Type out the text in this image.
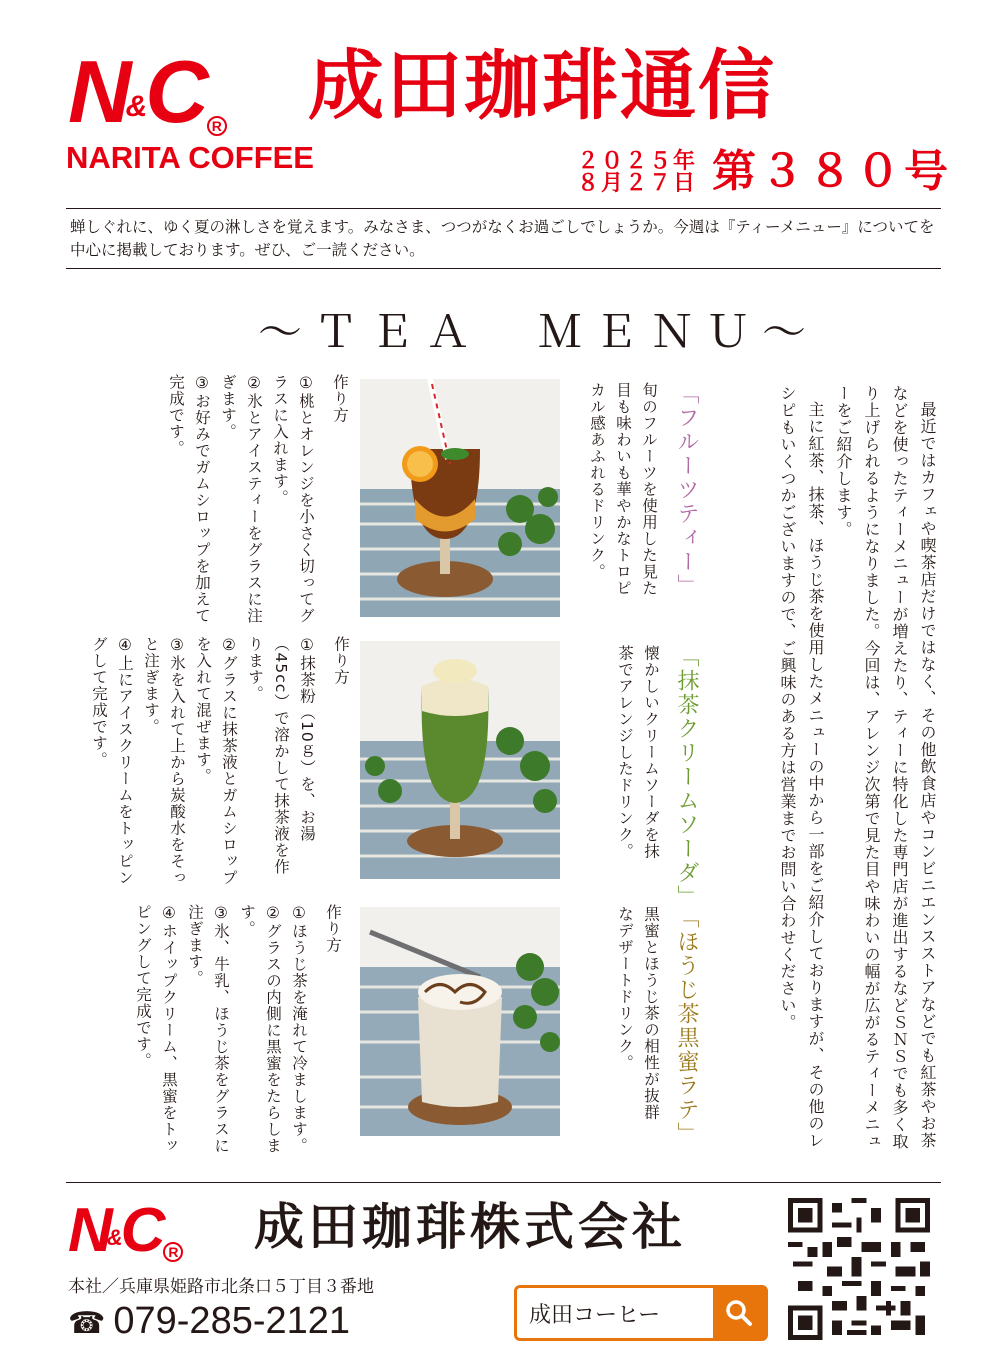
N&C R
NARITA COFFEE
成田珈琲通信
２０２５年
８月２７日 第３８０号
蝉しぐれに、ゆく夏の淋しさを覚えます。みなさま、つつがなくお過ごしでしょうか。今週は『ティーメニュー』についてを中心に掲載しております。ぜひ、ご一読ください。
〜ＴＥＡ　ＭＥＮＵ〜

最近ではカフェや喫茶店だけではなく、その他飲食店やコンビニエンスストアなどでも紅茶やお茶などを使ったティーメニューが増えたり、ティーに特化した専門店が進出するなどＳＮＳでも多く取り上げられるようになりました。今回は、アレンジ次第で見た目や味わいの幅が広がるティーメニューをご紹介します。

主に紅茶、抹茶、ほうじ茶を使用したメニューの中から一部をご紹介しておりますが、その他のレシピもいくつかございますので、ご興味のある方は営業までお問い合わせください。

「フルーツティー」
「抹茶クリームソーダ」
「ほうじ茶黒蜜ラテ」
旬のフルーツを使用した見た目も味わいも華やかなトロピカル感あふれるドリンク。
懐かしいクリームソーダを抹茶でアレンジしたドリンク。
黒蜜とほうじ茶の相性が抜群なデザートドリンク。
作り方
①桃とオレンジを小さく切ってグラスに入れます。
②氷とアイスティーをグラスに注ぎます。
③お好みでガムシロップを加えて完成です。
作り方
①抹茶粉（10ｇ）を、お湯（45cc）で溶かして抹茶液を作ります。
②グラスに抹茶液とガムシロップを入れて混ぜます。
③氷を入れて上から炭酸水をそっと注ぎます。
④上にアイスクリームをトッピングして完成です。
作り方
①ほうじ茶を淹れて冷まします。
②グラスの内側に黒蜜をたらします。
③氷、牛乳、ほうじ茶をグラスに注ぎます。
④ホイップクリーム、黒蜜をトッピングして完成です。
N&C R 成田珈琲株式会社
本社／兵庫県姫路市北条口５丁目３番地
☎ 079-285-2121	成田コーヒー
